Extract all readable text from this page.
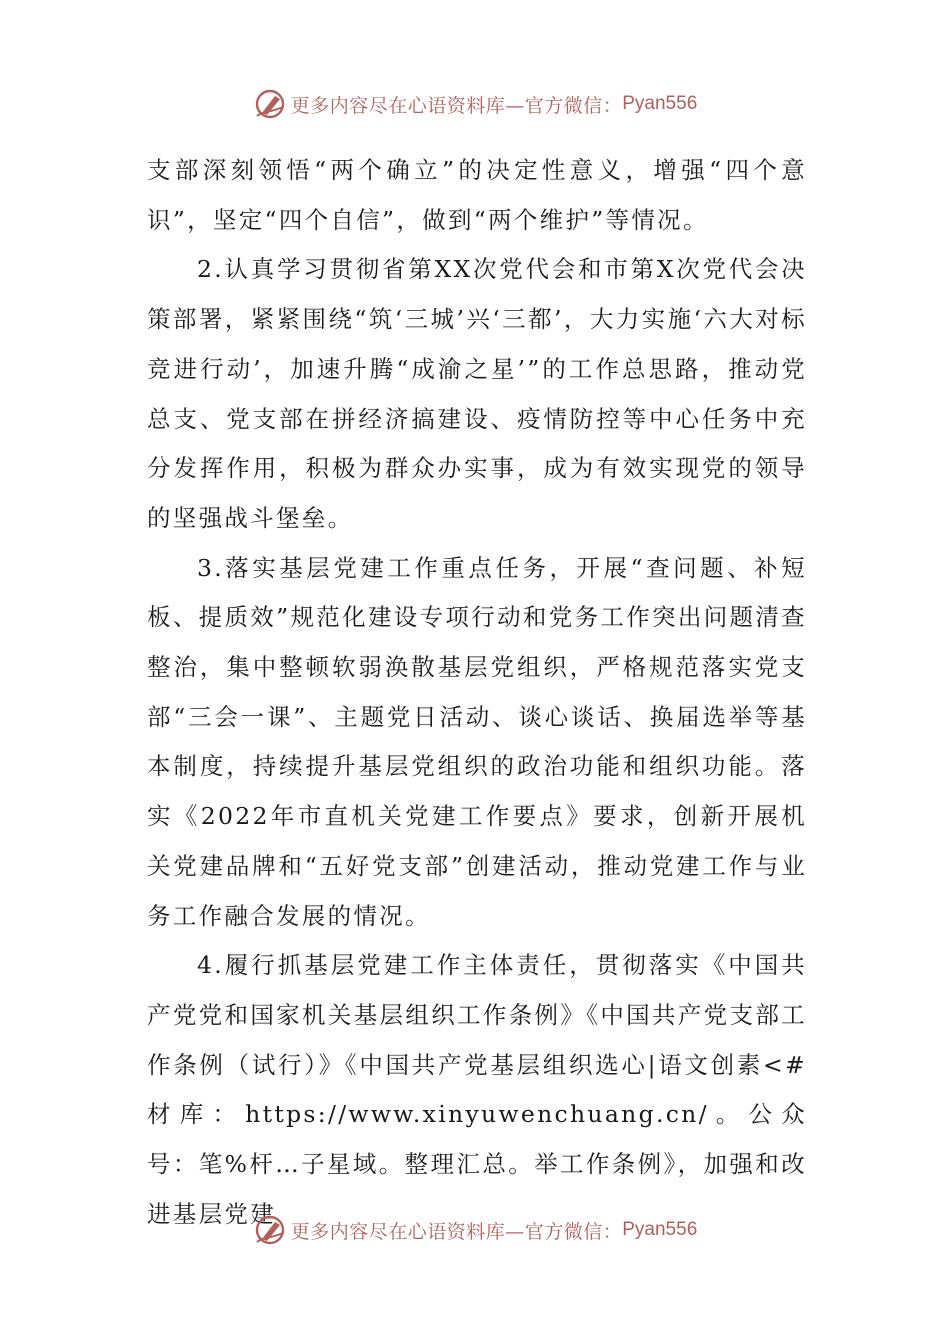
更多内容尽在心语资料库—官方微信： Pyan556

支部深刻领悟“两个确立”的决定性意义，增强“四个意识”，坚定“四个自信”，做到“两个维护”等情况。

2.认真学习贯彻省第XX次党代会和市第X次党代会决策部署，紧紧围绕“筑‘三城’兴‘三都’，大力实施‘六大对标竞进行动’，加速升腾“成渝之星’”的工作总思路，推动党总支、党支部在拼经济搞建设、疫情防控等中心任务中充分发挥作用，积极为群众办实事，成为有效实现党的领导的坚强战斗堡垒。

3.落实基层党建工作重点任务，开展“查问题、补短板、提质效”规范化建设专项行动和党务工作突出问题清查整治，集中整顿软弱涣散基层党组织，严格规范落实党支部“三会一课”、主题党日活动、谈心谈话、换届选举等基本制度，持续提升基层党组织的政治功能和组织功能。落实《2022年市直机关党建工作要点》要求，创新开展机关党建品牌和“五好党支部”创建活动，推动党建工作与业务工作融合发展的情况。

4.履行抓基层党建工作主体责任，贯彻落实《中国共产党党和国家机关基层组织工作条例》《中国共产党支部工作条例（试行）》《中国共产党基层组织选心|语文创素<#材库：https://www.xinyuwenchuang.cn/。公众号：笔%杆…子星域。整理汇总。举工作条例》，加强和改进基层党建

更多内容尽在心语资料库—官方微信： Pyan556
